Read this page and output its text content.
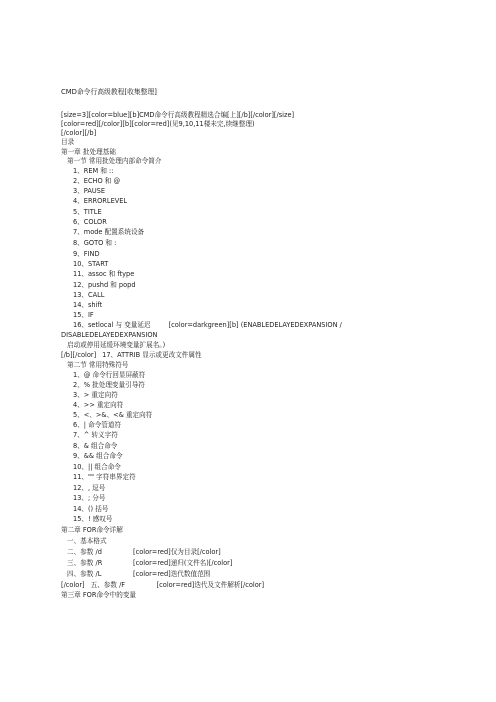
CMD命令行高级教程[收集整理]
[size=3][color=blue][b]CMD命令行高级教程精选合编[上][/b][/color][/size]
[color=red][/color][b][color=red](见9,10,11楼未完,续继整理)
[/color][/b]
目录
第一章 批处理基础
第一节 常用批处理内部命令简介
1、REM 和 ::
2、ECHO 和 @
3、PAUSE
4、ERRORLEVEL
5、TITLE
6、COLOR
7、mode 配置系统设备
8、GOTO 和 :
9、FIND
10、START
11、assoc 和 ftype
12、pushd 和 popd
13、CALL
14、shift
15、IF
16、setlocal 与 变量延迟	[color=darkgreen][b] (ENABLEDELAYEDEXPANSION /
DISABLEDELAYEDEXPANSION
启动或停用延缓环境变量扩展名。)
[/b][/color] 17、ATTRIB 显示或更改文件属性
第二节 常用特殊符号
1、@ 命令行回显屏蔽符
2、% 批处理变量引导符
3、> 重定向符
4、>> 重定向符
5、<、>&、<& 重定向符
6、| 命令管道符
7、^ 转义字符
8、& 组合命令
9、&& 组合命令
10、|| 组合命令
11、"" 字符串界定符
12、, 逗号
13、; 分号
14、() 括号
15、! 感叹号
第二章 FOR命令详解
一、基本格式
二、参数 /d	[color=red]仅为目录[/color]
三、参数 /R	[color=red]递归(文件名)[/color]
四、参数 /L	[color=red]迭代数值范围
[/color] 五、参数 /F	[color=red]迭代及文件解析[/color]
第三章 FOR命令中的变量
